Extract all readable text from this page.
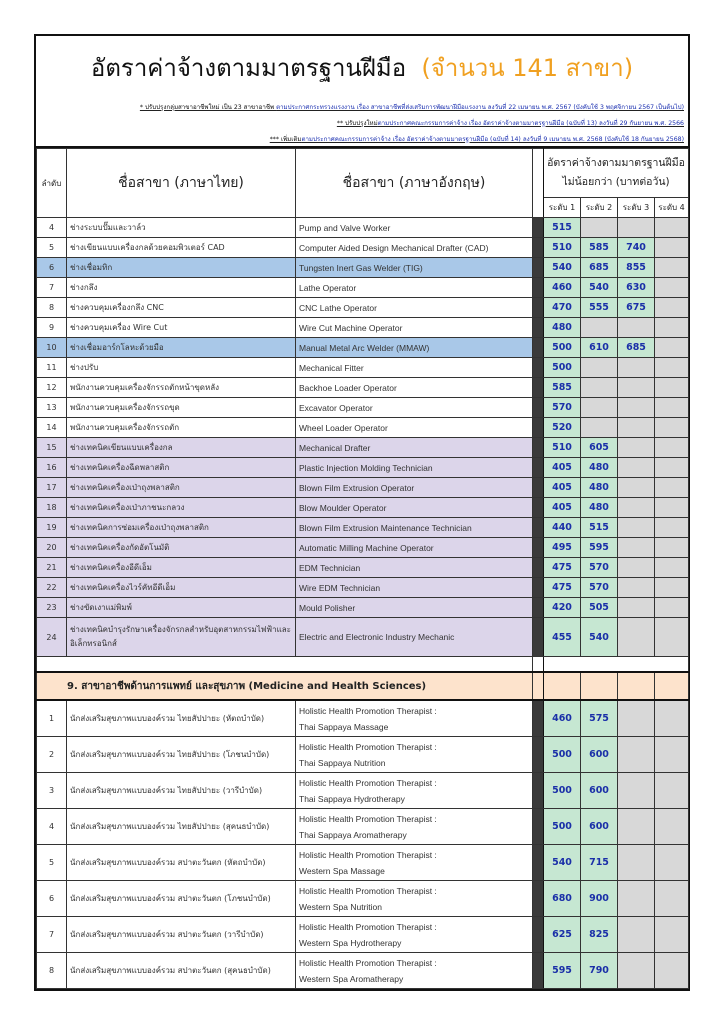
อัตราค่าจ้างตามมาตรฐานฝีมือ (จำนวน 141 สาขา)
* ปรับปรุงกลุ่มสาขาอาชีพใหม่ เป็น 23 สาขาอาชีพ ตามประกาศกระทรวงแรงงาน เรื่อง สาขาอาชีพที่ส่งเสริมการพัฒนาฝีมือแรงงาน ลงวันที่ 22 เมษายน พ.ศ. 2567 (บังคับใช้ 3 พฤศจิกายน 2567 เป็นต้นไป)
** ปรับปรุงใหม่ตามประกาศคณะกรรมการค่าจ้าง เรื่อง อัตราค่าจ้างตามมาตรฐานฝีมือ (ฉบับที่ 13) ลงวันที่ 29 กันยายน พ.ศ. 2566
*** เพิ่มเติมตามประกาศคณะกรรมการค่าจ้าง เรื่อง อัตราค่าจ้างตามมาตรฐานฝีมือ (ฉบับที่ 14) ลงวันที่ 9 เมษายน พ.ศ. 2568 (บังคับใช้ 18 กันยายน 2568)
ลำดับ	ชื่อสาขา (ภาษาไทย)	ชื่อสาขา (ภาษาอังกฤษ)		อัตราค่าจ้างตามมาตรฐานฝีมือ
ไม่น้อยกว่า (บาทต่อวัน)			

				ระดับ 1	ระดับ 2	ระดับ 3	ระดับ 4
4	ช่างระบบปั๊มและวาล์ว	Pump and Valve Worker		515			
5	ช่างเขียนแบบเครื่องกลด้วยคอมพิวเตอร์ CAD	Computer Aided Design Mechanical Drafter (CAD)		510	585	740	
6	ช่างเชื่อมทิก	Tungsten Inert Gas Welder (TIG)		540	685	855	
7	ช่างกลึง	Lathe Operator		460	540	630	
8	ช่างควบคุมเครื่องกลึง CNC	CNC Lathe Operator		470	555	675	
9	ช่างควบคุมเครื่อง Wire Cut	Wire Cut Machine Operator		480			
10	ช่างเชื่อมอาร์กโลหะด้วยมือ	Manual Metal Arc Welder (MMAW)		500	610	685	
11	ช่างปรับ	Mechanical Fitter		500			
12	พนักงานควบคุมเครื่องจักรรถตักหน้าขุดหลัง	Backhoe Loader Operator		585			
13	พนักงานควบคุมเครื่องจักรรถขุด	Excavator Operator		570			
14	พนักงานควบคุมเครื่องจักรรถตัก	Wheel Loader Operator		520			
15	ช่างเทคนิคเขียนแบบเครื่องกล	Mechanical Drafter		510	605		
16	ช่างเทคนิคเครื่องฉีดพลาสติก	Plastic Injection Molding Technician		405	480		
17	ช่างเทคนิคเครื่องเป่าถุงพลาสติก	Blown Film Extrusion Operator		405	480		
18	ช่างเทคนิคเครื่องเป่าภาชนะกลวง	Blow Moulder Operator		405	480		
19	ช่างเทคนิคการซ่อมเครื่องเป่าถุงพลาสติก	Blown Film Extrusion Maintenance Technician		440	515		
20	ช่างเทคนิคเครื่องกัดอัตโนมัติ	Automatic Milling Machine Operator		495	595		
21	ช่างเทคนิคเครื่องอีดีเอ็ม	EDM Technician		475	570		
22	ช่างเทคนิคเครื่องไวร์คัทอีดีเอ็ม	Wire EDM Technician		475	570		
23	ช่างขัดเงาแม่พิมพ์	Mould Polisher		420	505		
24	ช่างเทคนิคบำรุงรักษาเครื่องจักรกลสำหรับอุตสาหกรรมไฟฟ้าและอิเล็กทรอนิกส์	Electric and Electronic Industry Mechanic		455	540		

9. สาขาอาชีพด้านการแพทย์ และสุขภาพ (Medicine and Health Sciences)							
1	นักส่งเสริมสุขภาพแบบองค์รวม ไทยสัปปายะ (หัตถบำบัด)	Holistic Health Promotion Therapist :
Thai Sappaya Massage		460	575		
2	นักส่งเสริมสุขภาพแบบองค์รวม ไทยสัปปายะ (โภชนบำบัด)	Holistic Health Promotion Therapist :
Thai Sappaya Nutrition		500	600		
3	นักส่งเสริมสุขภาพแบบองค์รวม ไทยสัปปายะ (วารีบำบัด)	Holistic Health Promotion Therapist :
Thai Sappaya Hydrotherapy		500	600		
4	นักส่งเสริมสุขภาพแบบองค์รวม ไทยสัปปายะ (สุคนธบำบัด)	Holistic Health Promotion Therapist :
Thai Sappaya Aromatherapy		500	600		
5	นักส่งเสริมสุขภาพแบบองค์รวม สปาตะวันตก (หัตถบำบัด)	Holistic Health Promotion Therapist :
Western Spa Massage		540	715		
6	นักส่งเสริมสุขภาพแบบองค์รวม สปาตะวันตก (โภชนบำบัด)	Holistic Health Promotion Therapist :
Western Spa Nutrition		680	900		
7	นักส่งเสริมสุขภาพแบบองค์รวม สปาตะวันตก (วารีบำบัด)	Holistic Health Promotion Therapist :
Western Spa Hydrotherapy		625	825		
8	นักส่งเสริมสุขภาพแบบองค์รวม สปาตะวันตก (สุคนธบำบัด)	Holistic Health Promotion Therapist :
Western Spa Aromatherapy		595	790		
